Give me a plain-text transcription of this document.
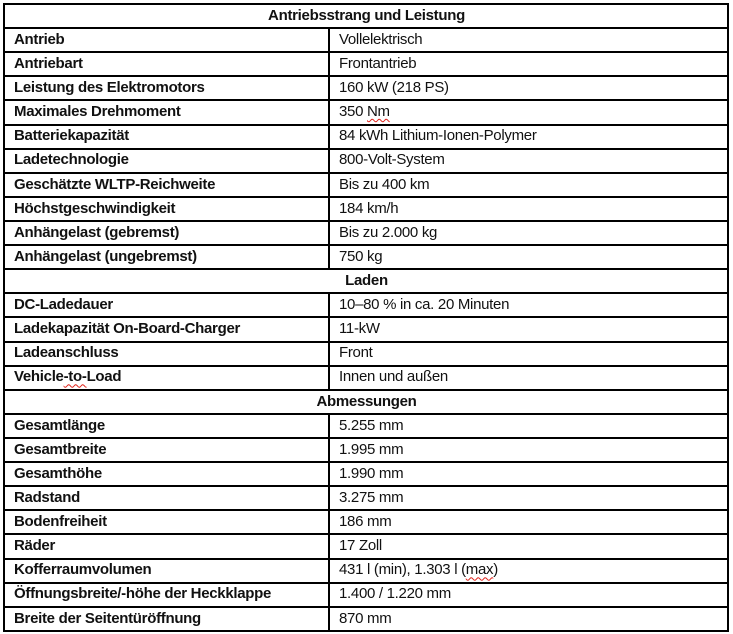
Antriebsstrang und Leistung	
Antrieb	Vollelektrisch
Antriebart	Frontantrieb
Leistung des Elektromotors	160 kW (218 PS)
Maximales Drehmoment	350 Nm
Batteriekapazität	84 kWh Lithium-Ionen-Polymer
Ladetechnologie	800-Volt-System
Geschätzte WLTP-Reichweite	Bis zu 400 km
Höchstgeschwindigkeit	184 km/h
Anhängelast (gebremst)	Bis zu 2.000 kg
Anhängelast (ungebremst)	750 kg
Laden	
DC-Ladedauer	10–80 % in ca. 20 Minuten
Ladekapazität On-Board-Charger	11-kW
Ladeanschluss	Front
Vehicle-to-Load	Innen und außen
Abmessungen	
Gesamtlänge	5.255 mm
Gesamtbreite	1.995 mm
Gesamthöhe	1.990 mm
Radstand	3.275 mm
Bodenfreiheit	186 mm
Räder	17 Zoll
Kofferraumvolumen	431 l (min), 1.303 l (max)
Öffnungsbreite/-höhe der Heckklappe	1.400 / 1.220 mm
Breite der Seitentüröffnung	870 mm
